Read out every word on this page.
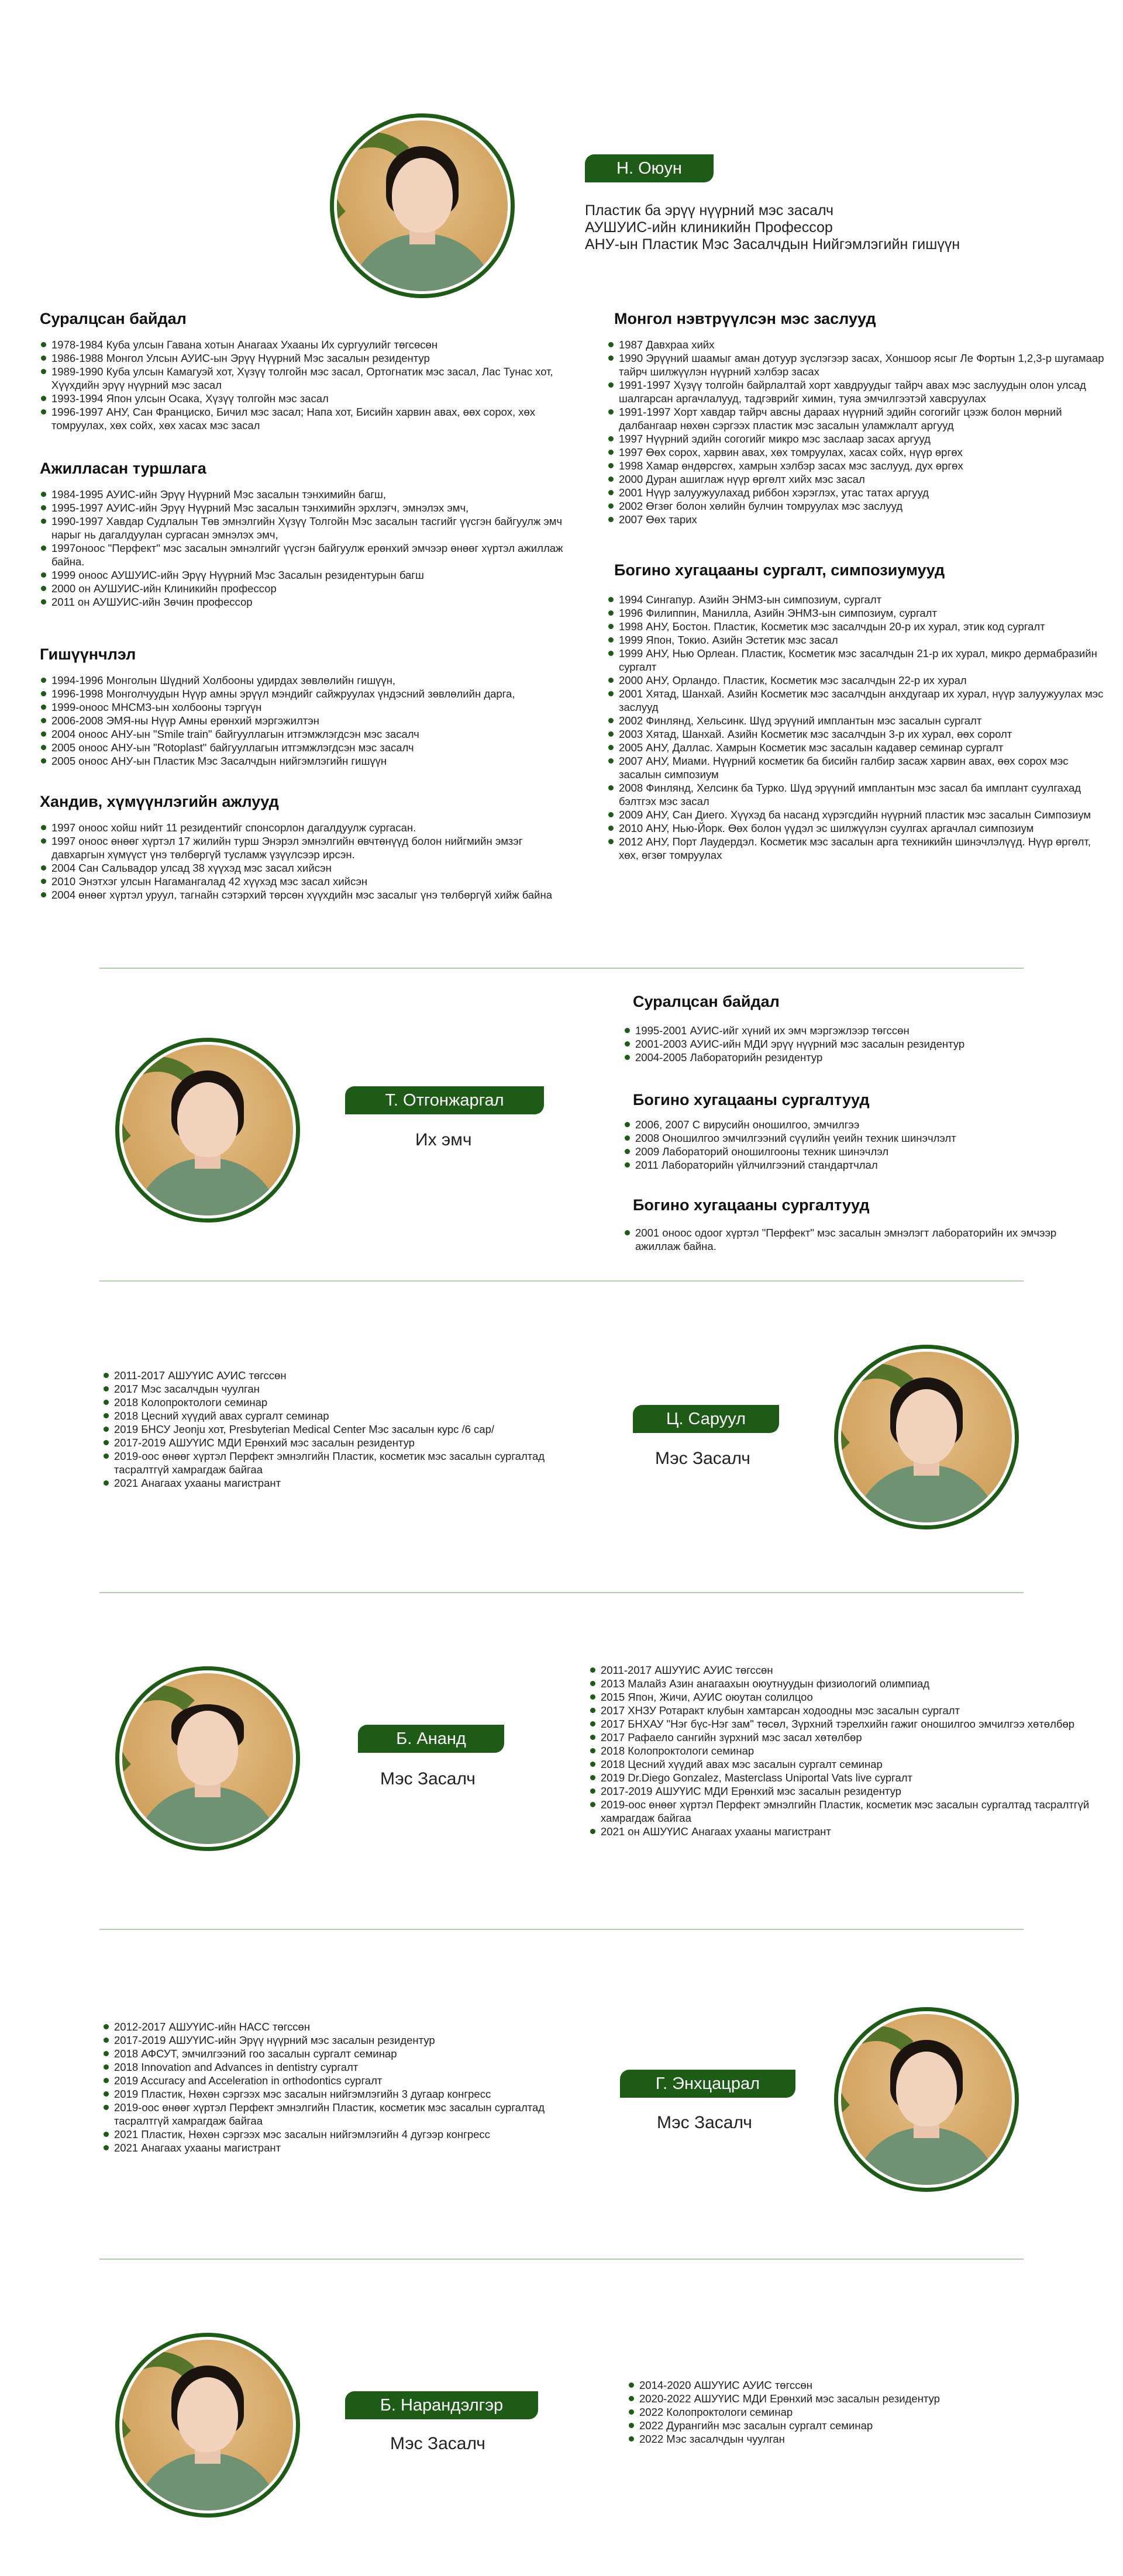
Н. Оюун
Пластик ба эрүү нүүрний мэс засалч
АУШУИС-ийн клиникийн Профессор
АНУ-ын Пластик Мэс Засалчдын Нийгэмлэгийн гишүүн
Суралцсан байдал
1978-1984 Куба улсын Гавана хотын Анагаах Ухааны Их сургуулийг төгсөсөн
1986-1988 Монгол Улсын АУИС-ын Эрүү Нүүрний Мэс засалын резидентур
1989-1990 Куба улсын Камагуэй хот, Хүзүү толгойн мэс засал, Ортогнатик мэс засал, Лас Тунас хот, Хүүхдийн эрүү нүүрний мэс засал
1993-1994 Япон улсын Осака, Хүзүү толгойн мэс засал
1996-1997 АНУ, Сан Франциско, Бичил мэс засал; Напа хот, Бисийн харвин авах, өөх сорох, хөх томруулах, хөх сойх, хөх хасах мэс засал
Ажилласан туршлага
1984-1995 АУИС-ийн Эрүү Нүүрний Мэс засалын тэнхимийн багш,
1995-1997 АУИС-ийн Эрүү Нүүрний Мэс засалын тэнхимийн эрхлэгч, эмнэлэх эмч,
1990-1997 Хавдар Судлалын Төв эмнэлгийн Хүзүү Толгойн Мэс засалын тасгийг үүсгэн байгуулж эмч нарыг нь дагалдуулан сургасан эмнэлэх эмч,
1997оноос "Перфект" мэс засалын эмнэлгийг үүсгэн байгуулж ерөнхий эмчээр өнөөг хүртэл ажиллаж байна.
1999 оноос АУШУИС-ийн Эрүү Нүүрний Мэс Засалын резидентурын багш
2000 он АУШУИС-ийн Клиникийн профессор
2011 он АУШУИС-ийн Зөчин профессор
Гишүүнчлэл
1994-1996 Монголын Шүдний Холбооны удирдах зөвлөлийн гишүүн,
1996-1998 Монголчуудын Нүүр амны эрүүл мэндийг сайжруулах үндэсний зөвлөлийн дарга,
1999-оноос МНСМЗ-ын холбооны тэргүүн
2006-2008 ЭМЯ-ны Нүүр Амны ерөнхий мэргэжилтэн
2004 оноос АНУ-ын "Smile train" байгууллагын итгэмжлэгдсэн мэс засалч
2005 оноос АНУ-ын "Rotoplast" байгууллагын итгэмжлэгдсэн мэс засалч
2005 оноос АНУ-ын Пластик Мэс Засалчдын нийгэмлэгийн гишүүн
Хандив, хүмүүнлэгийн ажлууд
1997 оноос хойш нийт 11 резидентийг спонсорлон дагалдуулж сургасан.
1997 оноос өнөөг хүртэл 17 жилийн турш Энэрэл эмнэлгийн өвчтөнүүд болон нийгмийн эмзэг давхаргын хүмүүст үнэ төлбөргүй тусламж үзүүлсээр ирсэн.
2004 Сан Сальвадор улсад 38 хүүхэд мэс засал хийсэн
2010 Энэтхэг улсын Нагамангалад 42 хүүхэд мэс засал хийсэн
2004 өнөөг хүртэл уруул, тагнайн сэтэрхий төрсөн хүүхдийн мэс засалыг үнэ төлбөргүй хийж байна
Монгол нэвтрүүлсэн мэс заслууд
1987 Давхраа хийх
1990 Эрүүний шаамыг аман дотуур зүслэгээр засах, Хоншоор ясыг Ле Фортын 1,2,3-р шугамаар тайрч шилжүүлэн нүүрний хэлбэр засах
1991-1997 Хүзүү толгойн байрлалтай хорт хавдруудыг тайрч авах мэс заслуудын олон улсад шалгарсан аргачлалууд, тадгэврийг химин, туяа эмчилгээтэй хавсруулах
1991-1997 Хорт хавдар тайрч авсны дараах нүүрний эдийн согогийг цээж болон мөрний далбангаар нөхөн сэргээх пластик мэс засалын уламжлалт аргууд
1997 Нүүрний эдийн согогийг микро мэс заслаар засах аргууд
1997 Өөх сорох, харвин авах, хөх томруулах, хасах сойх, нүүр өргөх
1998 Хамар өндөрсгөх, хамрын хэлбэр засах мэс заслууд, дух өргөх
2000 Дуран ашиглаж нүүр өргөлт хийх мэс засал
2001 Нүүр залуужуулахад риббон хэрэглэх, утас татах аргууд
2002 Өгзөг болон хөлийн булчин томруулах мэс заслууд
2007 Өөх тарих
Богино хугацааны сургалт, симпозиумууд
1994 Сингапур. Азийн ЭНМЗ-ын симпозиум, сургалт
1996 Филиппин, Манилла, Азийн ЭНМЗ-ын симпозиум, сургалт
1998 АНУ, Бостон. Пластик, Косметик мэс засалчдын 20-р их хурал, этик код сургалт
1999 Япон, Токио. Азийн Эстетик мэс засал
1999 АНУ, Нью Орлеан. Пластик, Косметик мэс засалчдын 21-р их хурал, микро дермабразийн сургалт
2000 АНУ, Орландо. Пластик, Косметик мэс засалчдын 22-р их хурал
2001 Хятад, Шанхай. Азийн Косметик мэс засалчдын анхдугаар их хурал, нүүр залуужуулах мэс заслууд
2002 Финлянд, Хельсинк. Шүд эрүүний имплантын мэс засалын сургалт
2003 Хятад, Шанхай. Азийн Косметик мэс засалчдын 3-р их хурал, өөх соролт
2005 АНУ, Даллас. Хамрын Косметик мэс засалын кадавер семинар сургалт
2007 АНУ, Миами. Нүүрний косметик ба бисийн галбир засаж харвин авах, өөх сорох мэс засалын симпозиум
2008 Финлянд, Хелсинк ба Турко. Шүд эрүүний имплантын мэс засал ба имплант суулгахад бэлтгэх мэс засал
2009 АНУ, Сан Диего. Хүүхэд ба насанд хүрэгсдийн нүүрний пластик мэс засалын Симпозиум
2010 АНУ, Нью-Йорк. Өөх болон үүдэл эс шилжүүлэн суулгах аргачлал симпозиум
2012 АНУ, Порт Лаудердэл. Косметик мэс засалын арга техникийн шинэчлэлүүд. Нүүр өргөлт, хөх, өгзөг томруулах
Т. Отгонжаргал
Их эмч
Суралцсан байдал
1995-2001 АУИС-ийг хүний их эмч мэргэжлээр төгссөн
2001-2003 АУИС-ийн МДИ эрүү нүүрний мэс засалын резидентур
2004-2005 Лабораторийн резидентур
Богино хугацааны сургалтууд
2006, 2007 С вирусийн оношилгоо, эмчилгээ
2008 Оношилгоо эмчилгээний сүүлийн үеийн техник шинэчлэлт
2009 Лабораторий оношилгооны техник шинэчлэл
2011 Лабораторийн үйлчилгээний стандартчлал
Богино хугацааны сургалтууд
2001 оноос одоог хүртэл "Перфект" мэс засалын эмнэлэгт лабораторийн их эмчээр ажиллаж байна.
2011-2017 АШУҮИС АУИС төгссөн
2017 Мэс засалчдын чуулган
2018 Колопроктологи семинар
2018 Цесний хүүдий авах сургалт семинар
2019 БНСУ Jeonju хот, Presbyterian Medical Center Мэс засалын курс /6 сар/
2017-2019 АШУҮИС МДИ Ерөнхий мэс засалын резидентур
2019-оос өнөөг хүртэл Перфект эмнэлгийн Пластик, косметик мэс засалын сургалтад тасралтгүй хамрагдаж байгаа
2021 Анагаах ухааны магистрант
Ц. Саруул
Мэс Засалч
Б. Ананд
Мэс Засалч
2011-2017 АШУҮИС АУИС төгссөн
2013 Малайз Азин анагаахын оюутнуудын физиологий олимпиад
2015 Япон, Жичи, АУИС оюутан солилцоо
2017 ХНЗУ Ротаракт клубын хамтарсан ходоодны мэс засалын сургалт
2017 БНХАУ "Нэг бүс-Нэг зам" төсөл, Зүрхний тэрелхийн гажиг оношилгоо эмчилгээ хөтөлбөр
2017 Рафаело сангийн зүрхний мэс засал хөтөлбөр
2018 Колопроктологи семинар
2018 Цесний хүүдий авах мэс засалын сургалт семинар
2019 Dr.Diego Gonzalez, Masterclass Uniportal Vats live сургалт
2017-2019 АШУҮИС МДИ Ерөнхий мэс засалын резидентур
2019-оос өнөөг хүртэл Перфект эмнэлгийн Пластик, косметик мэс засалын сургалтад тасралтгүй хамрагдаж байгаа
2021 он АШУҮИС Анагаах ухааны магистрант
2012-2017 АШУҮИС-ийн НАСС төгссөн
2017-2019 АШУҮИС-ийн Эрүү нүүрний мэс засалын резидентур
2018 АФСУТ, эмчилгээний гоо засалын сургалт семинар
2018 Innovation and Advances in dentistry сургалт
2019 Accuracy and Acceleration in orthodontics сургалт
2019 Пластик, Нөхөн сэргээх мэс засалын нийгэмлэгийн 3 дугаар конгресс
2019-оос өнөөг хүртэл Перфект эмнэлгийн Пластик, косметик мэс засалын сургалтад тасралтгүй хамрагдаж байгаа
2021 Пластик, Нөхөн сэргээх мэс засалын нийгэмлэгийн 4 дугээр конгресс
2021 Анагаах ухааны магистрант
Г. Энхцацрал
Мэс Засалч
Б. Нарандэлгэр
Мэс Засалч
2014-2020 АШУҮИС АУИС төгссөн
2020-2022 АШУҮИС МДИ Ерөнхий мэс засалын резидентур
2022 Колопроктологи семинар
2022 Дурангийн мэс засалын сургалт семинар
2022 Мэс засалчдын чуулган
